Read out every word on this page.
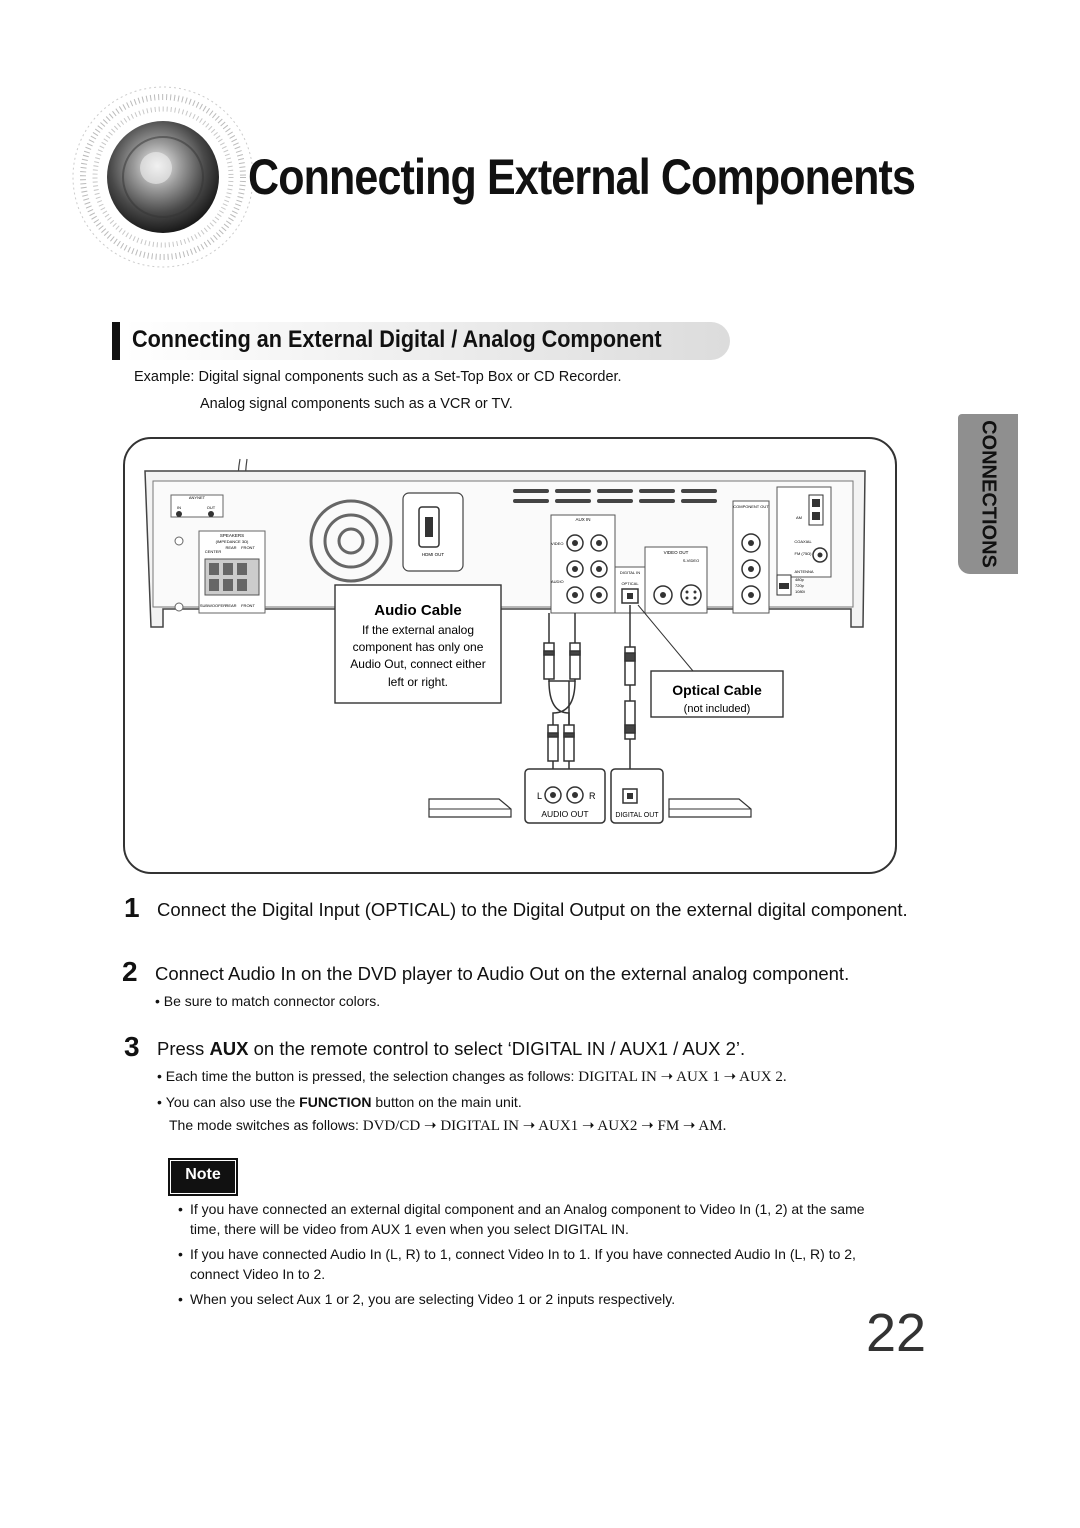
Connecting External Components
Connecting an External Digital / Analog Component
Example: Digital signal components such as a Set-Top Box or CD Recorder.
Analog signal components such as a VCR or TV.
CONNECTIONS
ANYNET
IN	OUT
SPEAKERS
(IMPEDANCE 3Ω)
CENTER
REAR FRONT
SUBWOOFER REAR FRONT
HDMI OUT
AUX IN
VIDEO
AUDIO
DIGITAL IN
OPTICAL
VIDEO OUT
S-VIDEO
COMPONENT OUT
AM
COAXIAL
FM (75Ω)
ANTENNA
480p
720p
1080i
Audio Cable
If the external analog
component has only one
Audio Out, connect either
left or right.	Optical Cable
(not included)
L	R
AUDIO OUT	DIGITAL OUT
1 Connect the Digital Input (OPTICAL) to the Digital Output on the external digital component.
2 Connect Audio In on the DVD player to Audio Out on the external analog component.
• Be sure to match connector colors.
3 Press AUX on the remote control to select ‘DIGITAL IN / AUX1 / AUX 2’.
• Each time the button is pressed, the selection changes as follows: DIGITAL IN ➝ AUX 1 ➝ AUX 2.
• You can also use the FUNCTION button on the main unit.
The mode switches as follows: DVD/CD ➝ DIGITAL IN ➝ AUX1 ➝ AUX2 ➝ FM ➝ AM.
Note
• If you have connected an external digital component and an Analog component to Video In (1, 2) at the same time, there will be video from AUX 1 even when you select DIGITAL IN.
• If you have connected Audio In (L, R) to 1, connect Video In to 1. If you have connected Audio In (L, R) to 2, connect Video In to 2.
• When you select Aux 1 or 2, you are selecting Video 1 or 2 inputs respectively.
22
